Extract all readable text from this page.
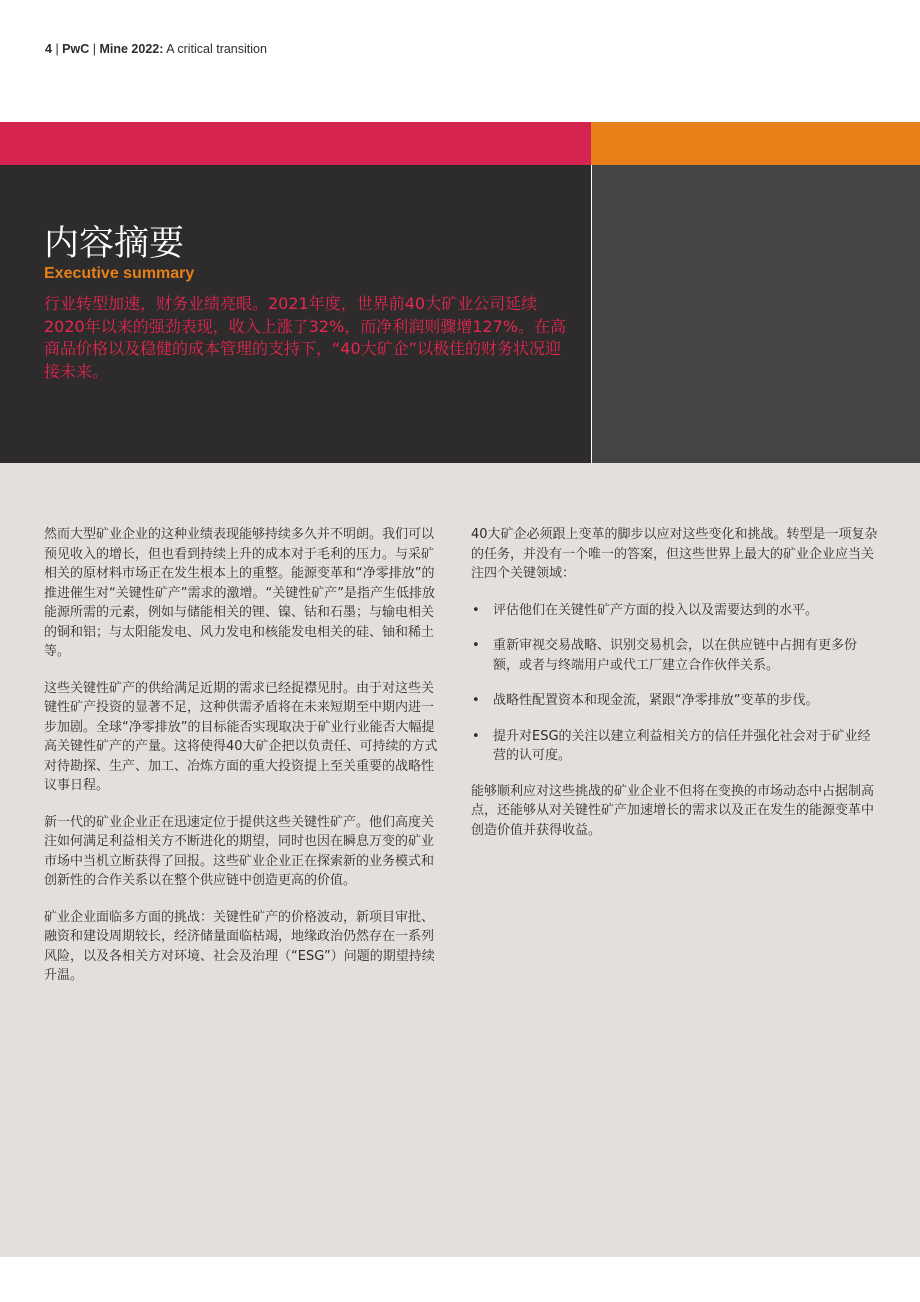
4 | PwC | Mine 2022: A critical transition
内容摘要
Executive summary

行业转型加速，财务业绩亮眼。2021年度，世界前40大矿业公司延续2020年以来的强劲表现，收入上涨了32%，而净利润则骤增127%。在高商品价格以及稳健的成本管理的支持下，“40大矿企”以极佳的财务状况迎接未来。

然而大型矿业企业的这种业绩表现能够持续多久并不明朗。我们可以预见收入的增长，但也看到持续上升的成本对于毛利的压力。与采矿相关的原材料市场正在发生根本上的重整。能源变革和“净零排放”的推进催生对“关键性矿产”需求的激增。“关键性矿产”是指产生低排放能源所需的元素，例如与储能相关的锂、镍、钴和石墨；与输电相关的铜和铝；与太阳能发电、风力发电和核能发电相关的硅、铀和稀土等。

这些关键性矿产的供给满足近期的需求已经捉襟见肘。由于对这些关键性矿产投资的显著不足，这种供需矛盾将在未来短期至中期内进一步加剧。全球“净零排放”的目标能否实现取决于矿业行业能否大幅提高关键性矿产的产量。这将使得40大矿企把以负责任、可持续的方式对待勘探、生产、加工、冶炼方面的重大投资提上至关重要的战略性议事日程。

新一代的矿业企业正在迅速定位于提供这些关键性矿产。他们高度关注如何满足利益相关方不断进化的期望，同时也因在瞬息万变的矿业市场中当机立断获得了回报。这些矿业企业正在探索新的业务模式和创新性的合作关系以在整个供应链中创造更高的价值。

矿业企业面临多方面的挑战：关键性矿产的价格波动，新项目审批、融资和建设周期较长，经济储量面临枯竭，地缘政治仍然存在一系列风险，以及各相关方对环境、社会及治理（“ESG”）问题的期望持续升温。

40大矿企必须跟上变革的脚步以应对这些变化和挑战。转型是一项复杂的任务，并没有一个唯一的答案，但这些世界上最大的矿业企业应当关注四个关键领域：

• 评估他们在关键性矿产方面的投入以及需要达到的水平。
• 重新审视交易战略、识别交易机会，以在供应链中占拥有更多份额，或者与终端用户或代工厂建立合作伙伴关系。
• 战略性配置资本和现金流，紧跟“净零排放”变革的步伐。
• 提升对ESG的关注以建立利益相关方的信任并强化社会对于矿业经营的认可度。

能够顺利应对这些挑战的矿业企业不但将在变换的市场动态中占据制高点，还能够从对关键性矿产加速增长的需求以及正在发生的能源变革中创造价值并获得收益。
